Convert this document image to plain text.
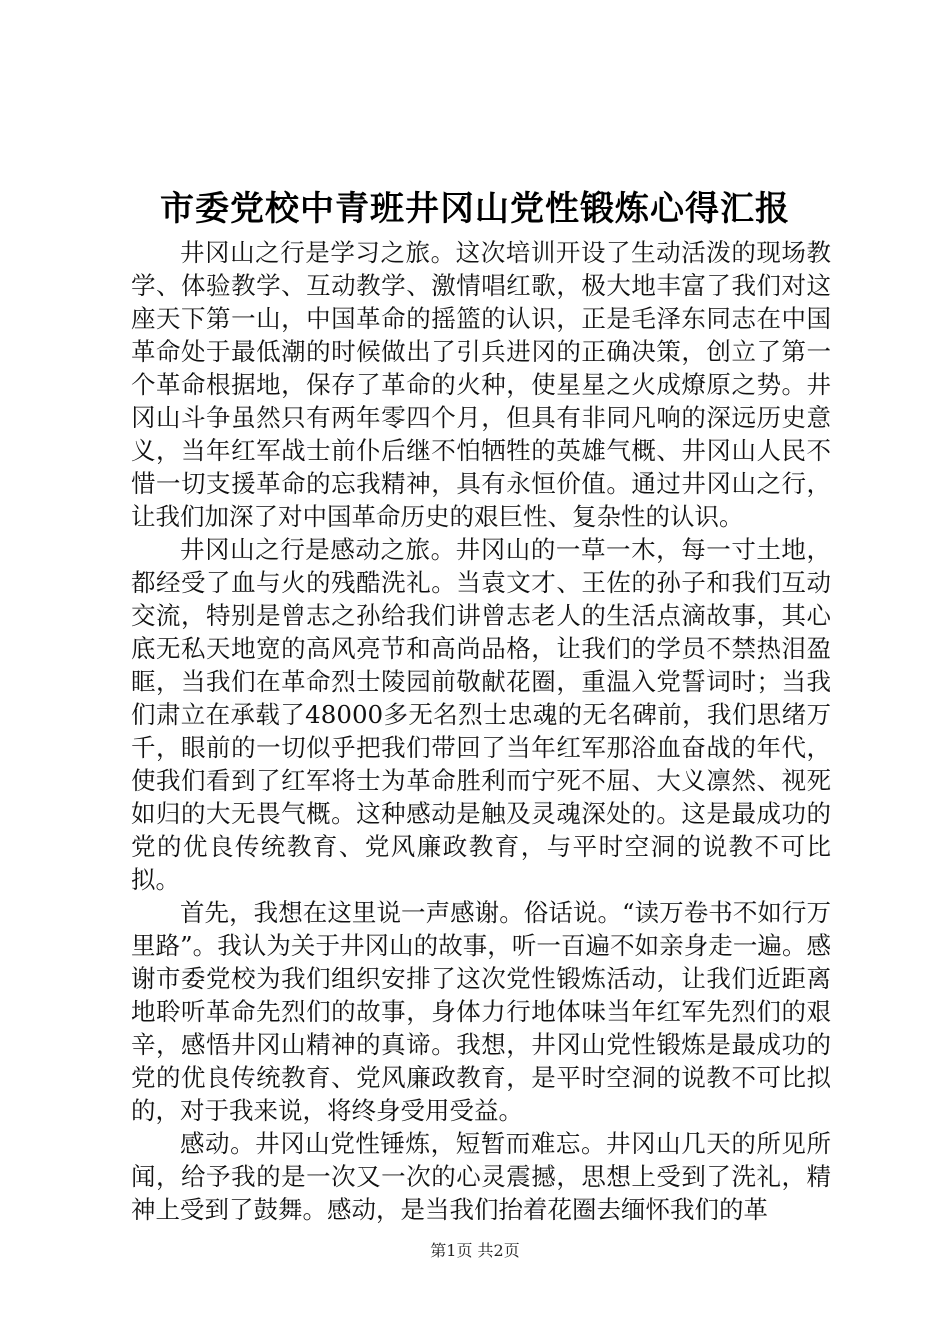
市委党校中青班井冈山党性锻炼心得汇报

井冈山之行是学习之旅。这次培训开设了生动活泼的现场教学、体验教学、互动教学、激情唱红歌，极大地丰富了我们对这座天下第一山，中国革命的摇篮的认识，正是毛泽东同志在中国革命处于最低潮的时候做出了引兵进冈的正确决策，创立了第一个革命根据地，保存了革命的火种，使星星之火成燎原之势。井冈山斗争虽然只有两年零四个月，但具有非同凡响的深远历史意义，当年红军战士前仆后继不怕牺牲的英雄气概、井冈山人民不惜一切支援革命的忘我精神，具有永恒价值。通过井冈山之行，让我们加深了对中国革命历史的艰巨性、复杂性的认识。

井冈山之行是感动之旅。井冈山的一草一木，每一寸土地，都经受了血与火的残酷洗礼。当袁文才、王佐的孙子和我们互动交流，特别是曾志之孙给我们讲曾志老人的生活点滴故事，其心底无私天地宽的高风亮节和高尚品格，让我们的学员不禁热泪盈眶，当我们在革命烈士陵园前敬献花圈，重温入党誓词时；当我们肃立在承载了48000多无名烈士忠魂的无名碑前，我们思绪万千，眼前的一切似乎把我们带回了当年红军那浴血奋战的年代，使我们看到了红军将士为革命胜利而宁死不屈、大义凛然、视死如归的大无畏气概。这种感动是触及灵魂深处的。这是最成功的党的优良传统教育、党风廉政教育，与平时空洞的说教不可比拟。

首先，我想在这里说一声感谢。俗话说。“读万卷书不如行万里路”。我认为关于井冈山的故事，听一百遍不如亲身走一遍。感谢市委党校为我们组织安排了这次党性锻炼活动，让我们近距离地聆听革命先烈们的故事，身体力行地体味当年红军先烈们的艰辛，感悟井冈山精神的真谛。我想，井冈山党性锻炼是最成功的党的优良传统教育、党风廉政教育，是平时空洞的说教不可比拟的，对于我来说，将终身受用受益。

感动。井冈山党性锤炼，短暂而难忘。井冈山几天的所见所闻，给予我的是一次又一次的心灵震撼，思想上受到了洗礼，精神上受到了鼓舞。感动，是当我们抬着花圈去缅怀我们的革

第1页 共2页
